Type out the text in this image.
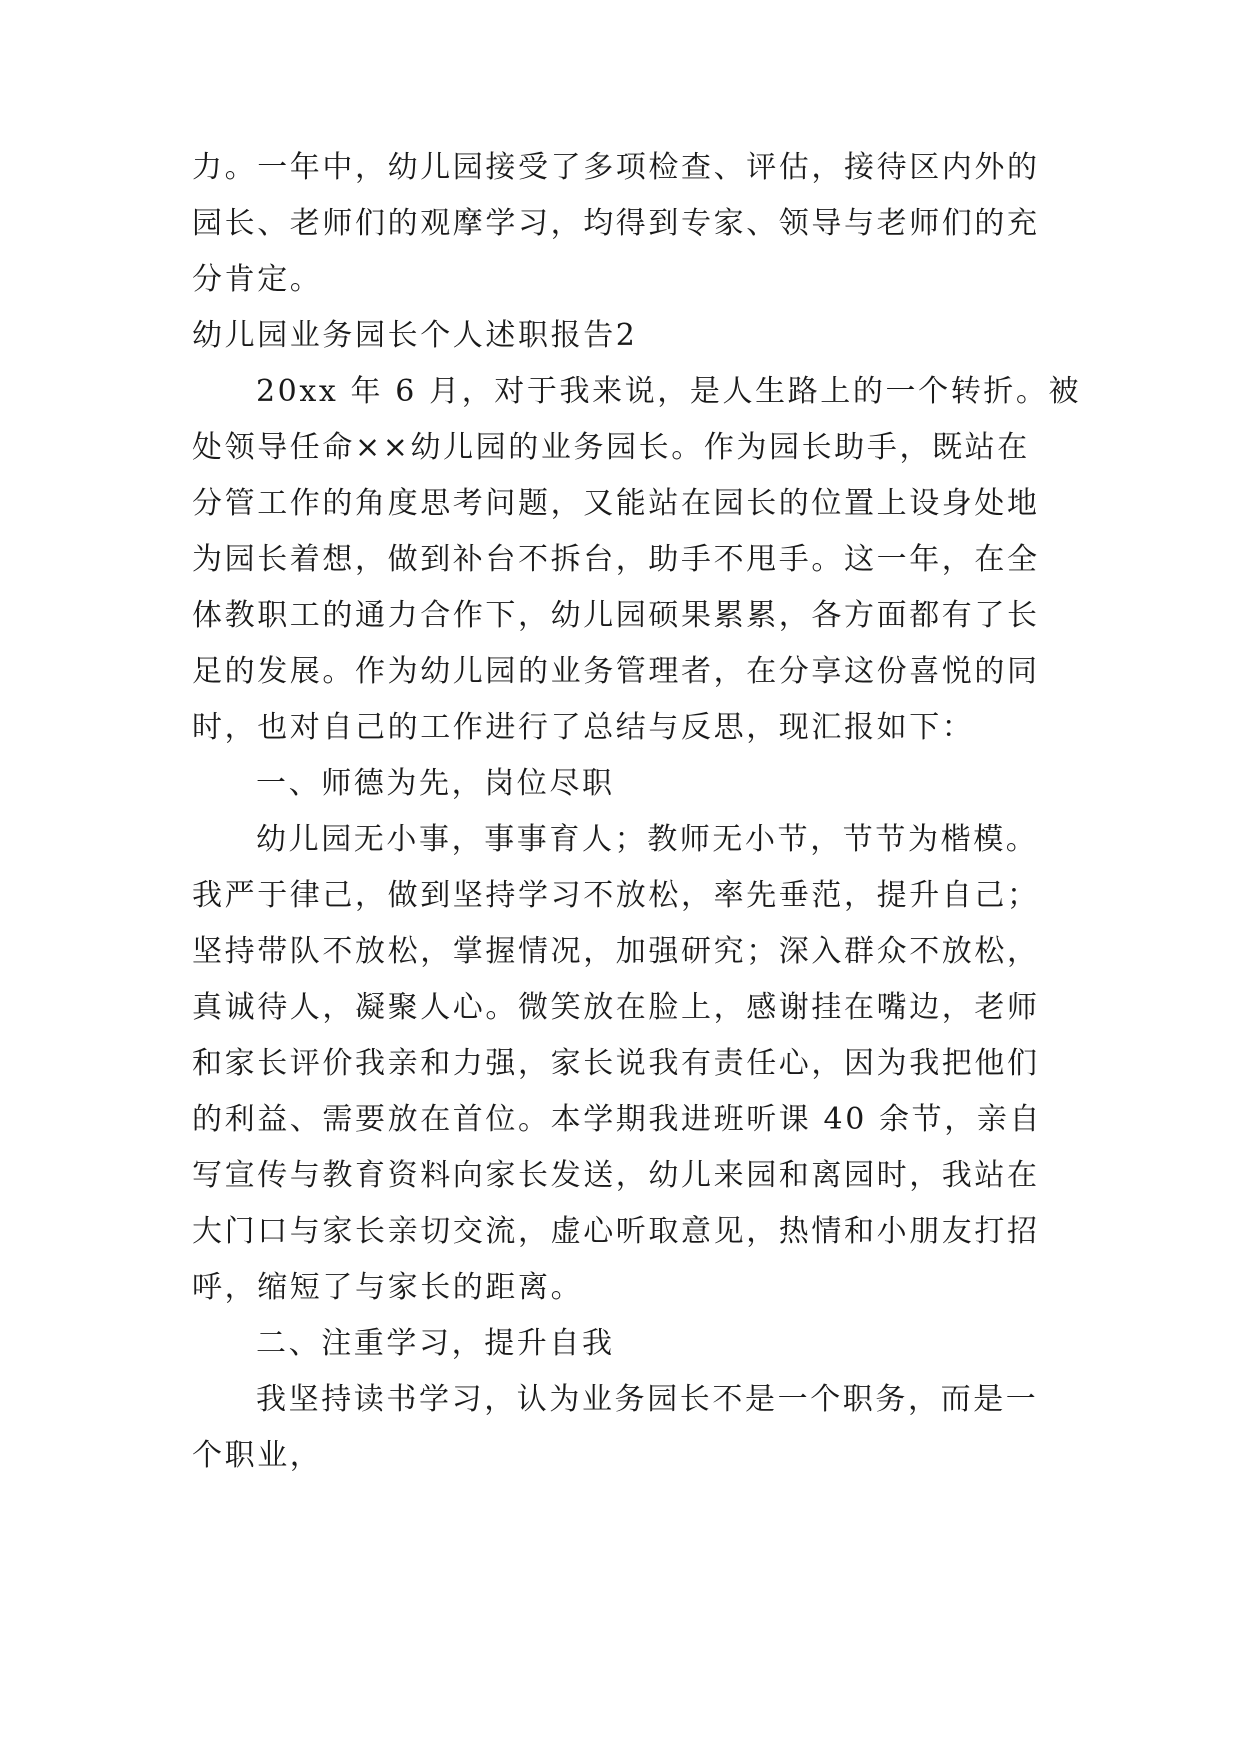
力。一年中，幼儿园接受了多项检查、评估，接待区内外的
园长、老师们的观摩学习，均得到专家、领导与老师们的充
分肯定。
幼儿园业务园长个人述职报告2
20xx 年 6 月，对于我来说，是人生路上的一个转折。被
处领导任命××幼儿园的业务园长。作为园长助手，既站在
分管工作的角度思考问题，又能站在园长的位置上设身处地
为园长着想，做到补台不拆台，助手不甩手。这一年，在全
体教职工的通力合作下，幼儿园硕果累累，各方面都有了长
足的发展。作为幼儿园的业务管理者，在分享这份喜悦的同
时，也对自己的工作进行了总结与反思，现汇报如下：
一、师德为先，岗位尽职
幼儿园无小事，事事育人；教师无小节，节节为楷模。
我严于律己，做到坚持学习不放松，率先垂范，提升自己；
坚持带队不放松，掌握情况，加强研究；深入群众不放松，
真诚待人，凝聚人心。微笑放在脸上，感谢挂在嘴边，老师
和家长评价我亲和力强，家长说我有责任心，因为我把他们
的利益、需要放在首位。本学期我进班听课 40 余节，亲自
写宣传与教育资料向家长发送，幼儿来园和离园时，我站在
大门口与家长亲切交流，虚心听取意见，热情和小朋友打招
呼，缩短了与家长的距离。
二、注重学习，提升自我
我坚持读书学习，认为业务园长不是一个职务，而是一
个职业，
